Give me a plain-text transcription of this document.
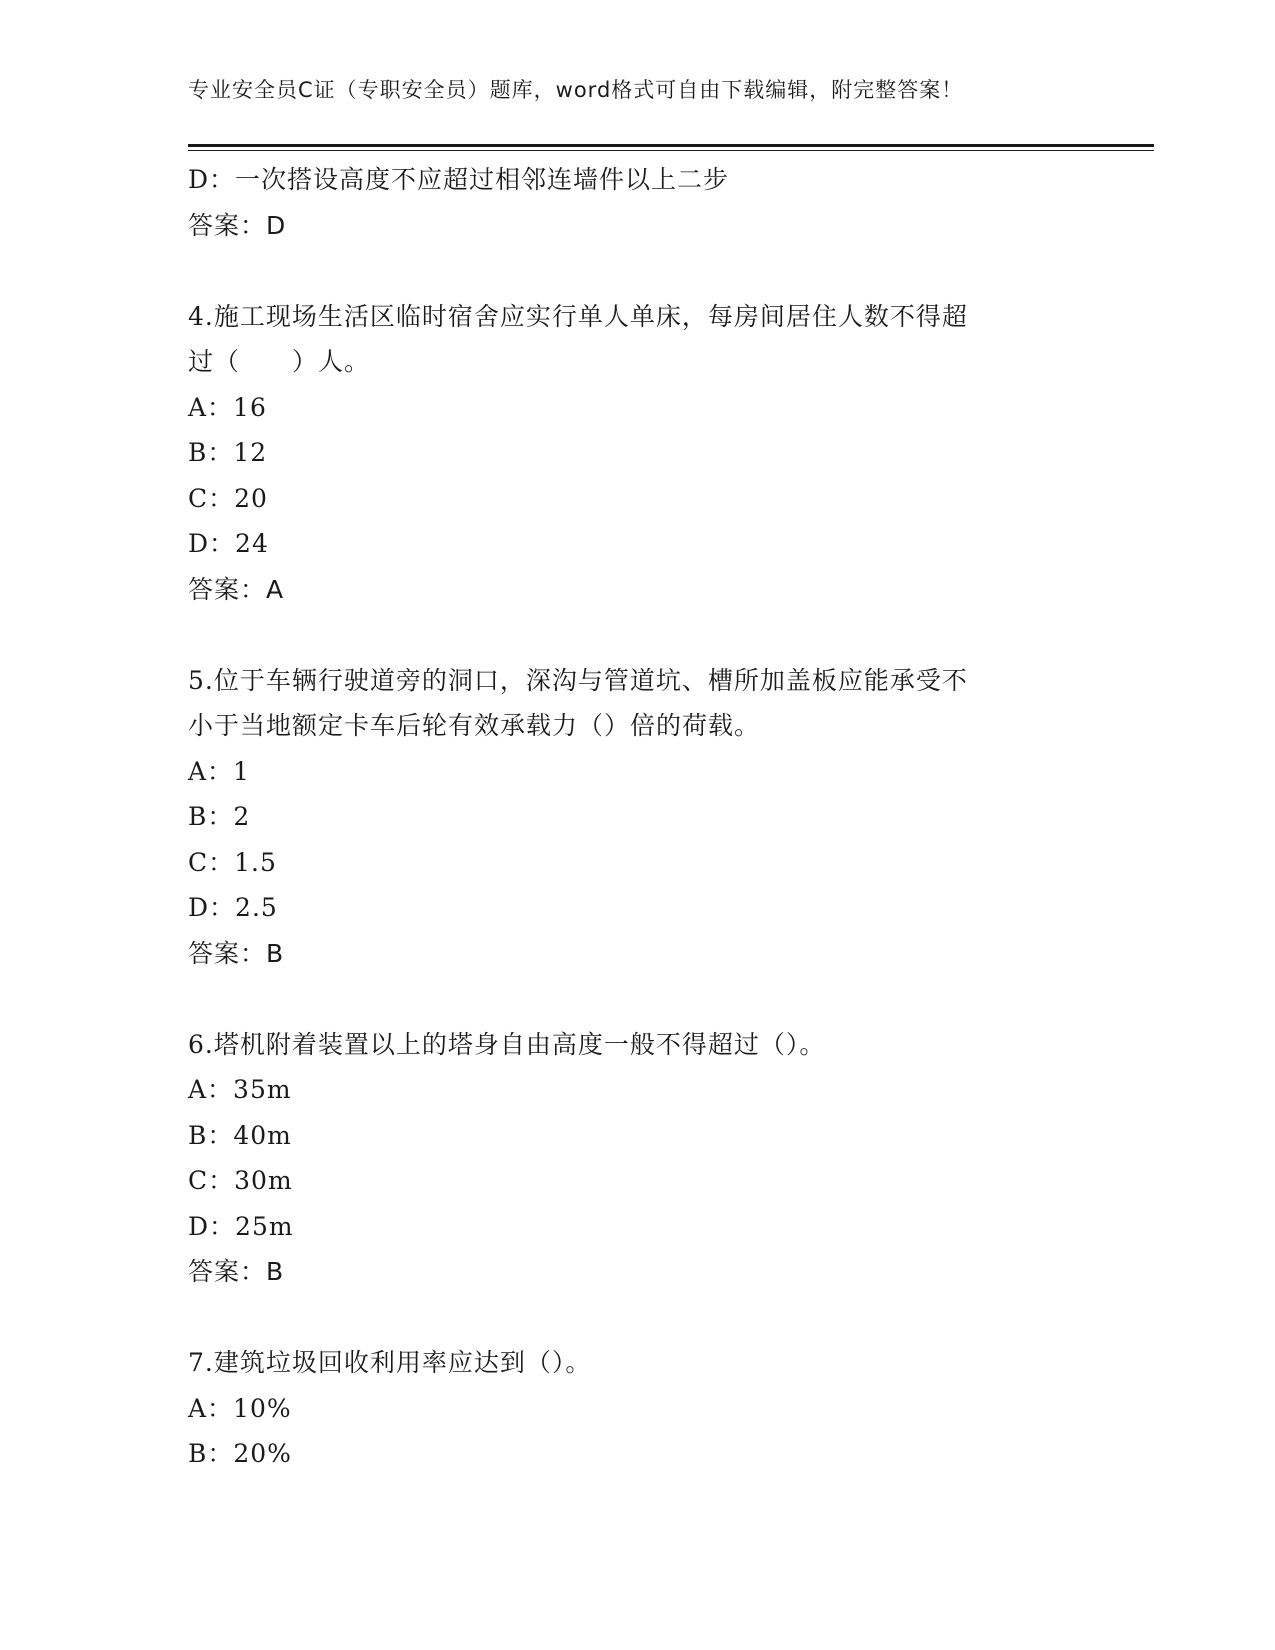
专业安全员C证（专职安全员）题库，word格式可自由下载编辑，附完整答案！
D：一次搭设高度不应超过相邻连墙件以上二步
答案：D
4.施工现场生活区临时宿舍应实行单人单床，每房间居住人数不得超
过（　　）人。
A：16
B：12
C：20
D：24
答案：A
5.位于车辆行驶道旁的洞口，深沟与管道坑、槽所加盖板应能承受不
小于当地额定卡车后轮有效承载力（）倍的荷载。
A：1
B：2
C：1.5
D：2.5
答案：B
6.塔机附着装置以上的塔身自由高度一般不得超过（）。
A：35m
B：40m
C：30m
D：25m
答案：B
7.建筑垃圾回收利用率应达到（）。
A：10%
B：20%
